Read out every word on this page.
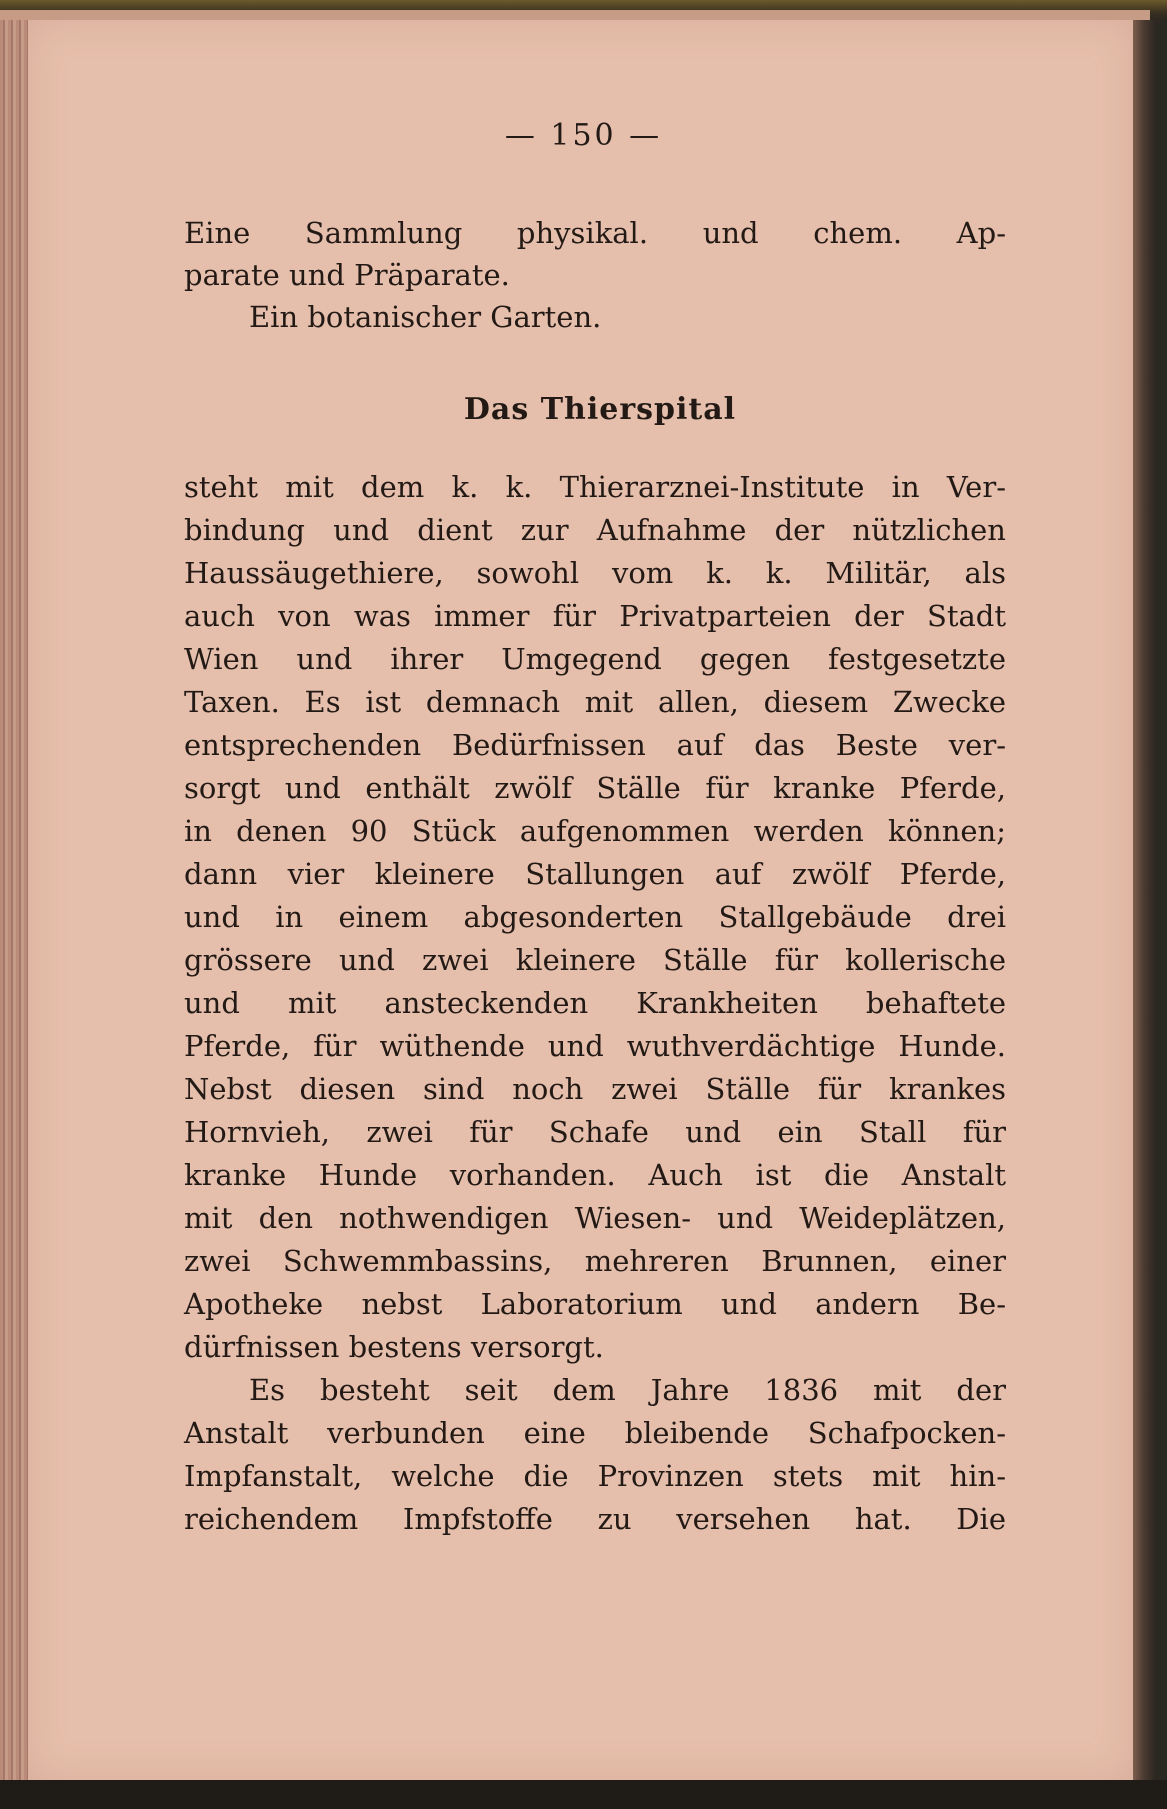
— 150 —

Eine Sammlung physikal. und chem. Ap-

parate und Präparate.

Ein botanischer Garten.

Das Thierspital

steht mit dem k. k. Thierarznei-Institute in Ver-

bindung und dient zur Aufnahme der nützlichen

Haussäugethiere, sowohl vom k. k. Militär, als

auch von was immer für Privatparteien der Stadt

Wien und ihrer Umgegend gegen festgesetzte

Taxen. Es ist demnach mit allen, diesem Zwecke

entsprechenden Bedürfnissen auf das Beste ver-

sorgt und enthält zwölf Ställe für kranke Pferde,

in denen 90 Stück aufgenommen werden können;

dann vier kleinere Stallungen auf zwölf Pferde,

und in einem abgesonderten Stallgebäude drei

grössere und zwei kleinere Ställe für kollerische

und mit ansteckenden Krankheiten behaftete

Pferde, für wüthende und wuthverdächtige Hunde.

Nebst diesen sind noch zwei Ställe für krankes

Hornvieh, zwei für Schafe und ein Stall für

kranke Hunde vorhanden. Auch ist die Anstalt

mit den nothwendigen Wiesen- und Weideplätzen,

zwei Schwemmbassins, mehreren Brunnen, einer

Apotheke nebst Laboratorium und andern Be-

dürfnissen bestens versorgt.

Es besteht seit dem Jahre 1836 mit der

Anstalt verbunden eine bleibende Schafpocken-

Impfanstalt, welche die Provinzen stets mit hin-

reichendem Impfstoffe zu versehen hat. Die
